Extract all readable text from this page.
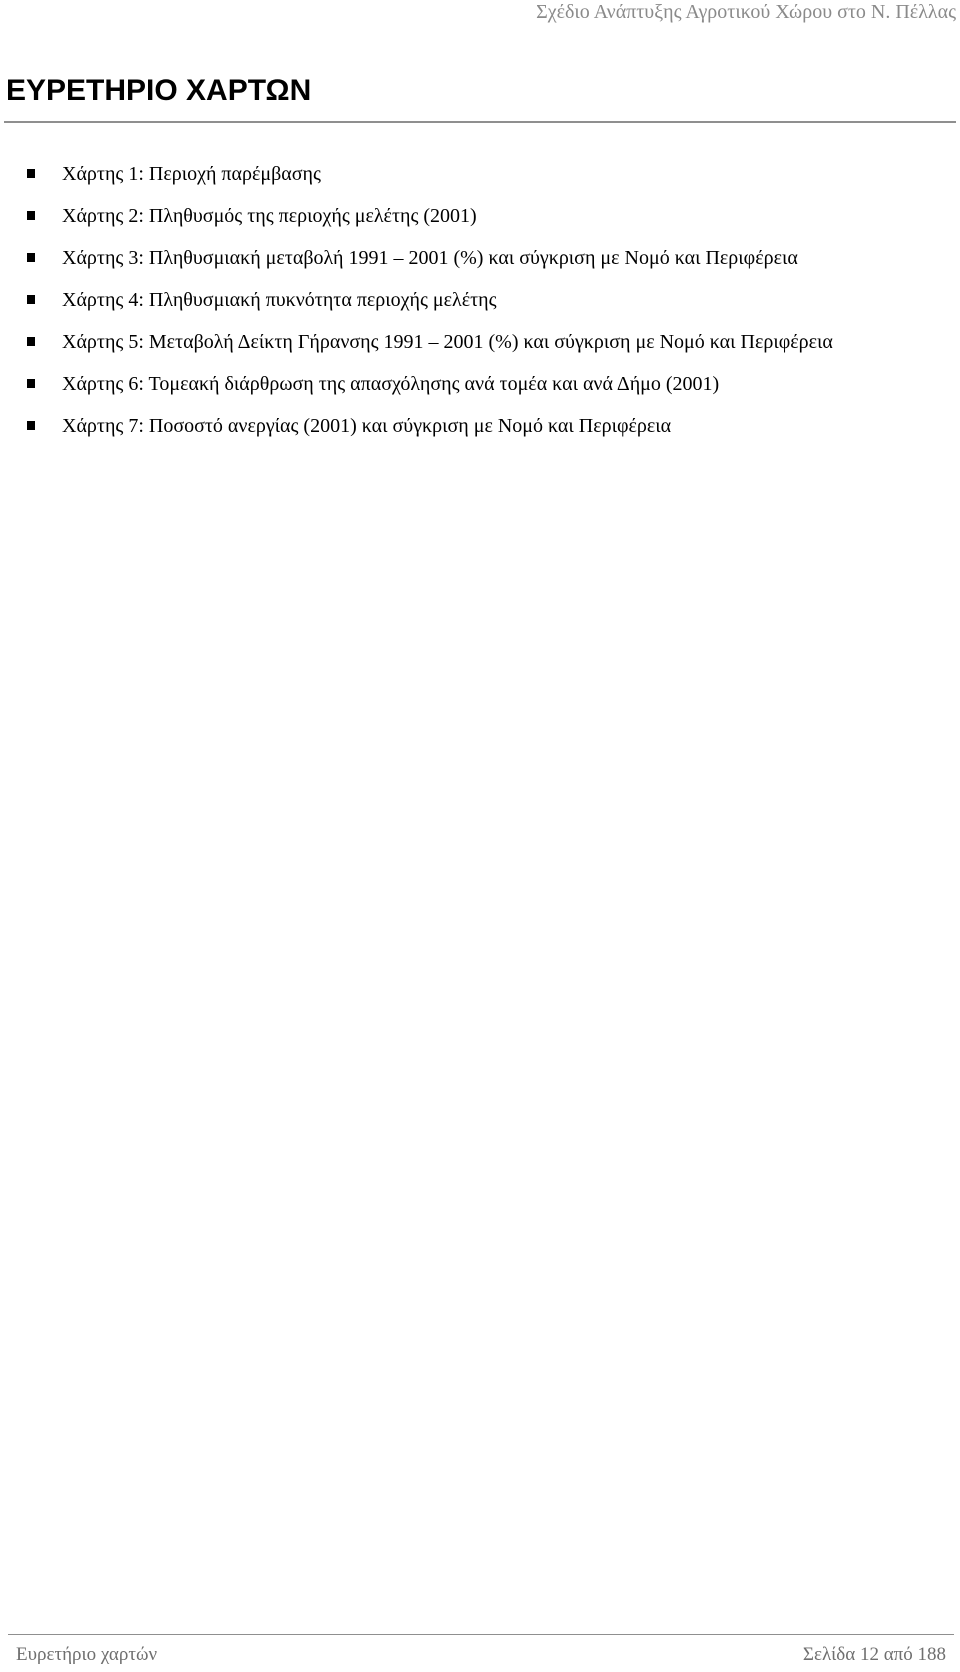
Σχέδιο Ανάπτυξης Αγροτικού Χώρου στο Ν. Πέλλας
ΕΥΡΕΤΗΡΙΟ ΧΑΡΤΩΝ
Χάρτης 1: Περιοχή παρέμβασης
Χάρτης 2: Πληθυσμός της περιοχής μελέτης (2001)
Χάρτης 3: Πληθυσμιακή μεταβολή 1991 – 2001 (%) και σύγκριση με Νομό και Περιφέρεια
Χάρτης 4: Πληθυσμιακή πυκνότητα περιοχής μελέτης
Χάρτης 5: Μεταβολή Δείκτη Γήρανσης 1991 – 2001 (%) και σύγκριση με Νομό και Περιφέρεια
Χάρτης 6: Τομεακή διάρθρωση της απασχόλησης ανά τομέα και ανά Δήμο (2001)
Χάρτης 7: Ποσοστό ανεργίας (2001) και σύγκριση με Νομό και Περιφέρεια
Ευρετήριο χαρτών	Σελίδα 12 από 188
